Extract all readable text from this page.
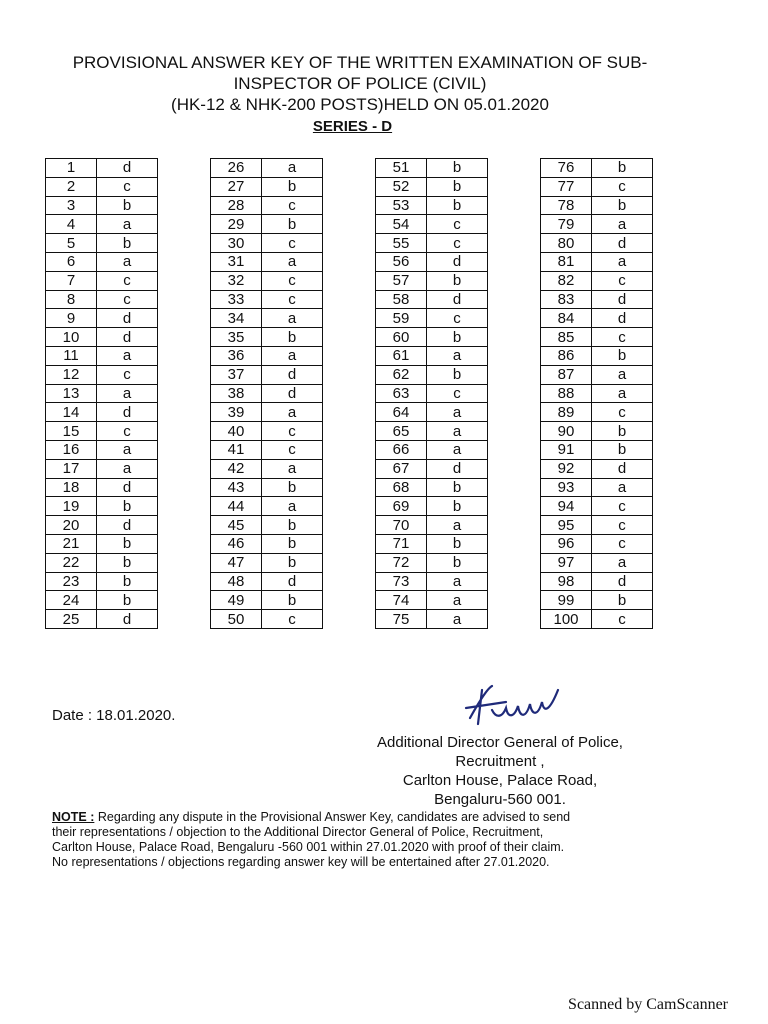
PROVISIONAL ANSWER KEY OF THE WRITTEN EXAMINATION OF SUB-
INSPECTOR OF POLICE (CIVIL)
(HK-12 & NHK-200 POSTS)HELD ON 05.01.2020
SERIES - D
1	d
2	c
3	b
4	a
5	b
6	a
7	c
8	c
9	d
10	d
11	a
12	c
13	a
14	d
15	c
16	a
17	a
18	d
19	b
20	d
21	b
22	b
23	b
24	b
25	d
26	a
27	b
28	c
29	b
30	c
31	a
32	c
33	c
34	a
35	b
36	a
37	d
38	d
39	a
40	c
41	c
42	a
43	b
44	a
45	b
46	b
47	b
48	d
49	b
50	c
51	b
52	b
53	b
54	c
55	c
56	d
57	b
58	d
59	c
60	b
61	a
62	b
63	c
64	a
65	a
66	a
67	d
68	b
69	b
70	a
71	b
72	b
73	a
74	a
75	a
76	b
77	c
78	b
79	a
80	d
81	a
82	c
83	d
84	d
85	c
86	b
87	a
88	a
89	c
90	b
91	b
92	d
93	a
94	c
95	c
96	c
97	a
98	d
99	b
100	c
Date : 18.01.2020.
Additional Director General of Police,
Recruitment ,
Carlton House, Palace Road,
Bengaluru-560 001.
NOTE : Regarding any dispute in the Provisional Answer Key, candidates are advised to send
their representations / objection to the Additional Director General of Police, Recruitment,
Carlton House, Palace Road, Bengaluru -560 001 within 27.01.2020 with proof of their claim.
No representations / objections regarding answer key will be entertained after 27.01.2020.
Scanned by CamScanner
